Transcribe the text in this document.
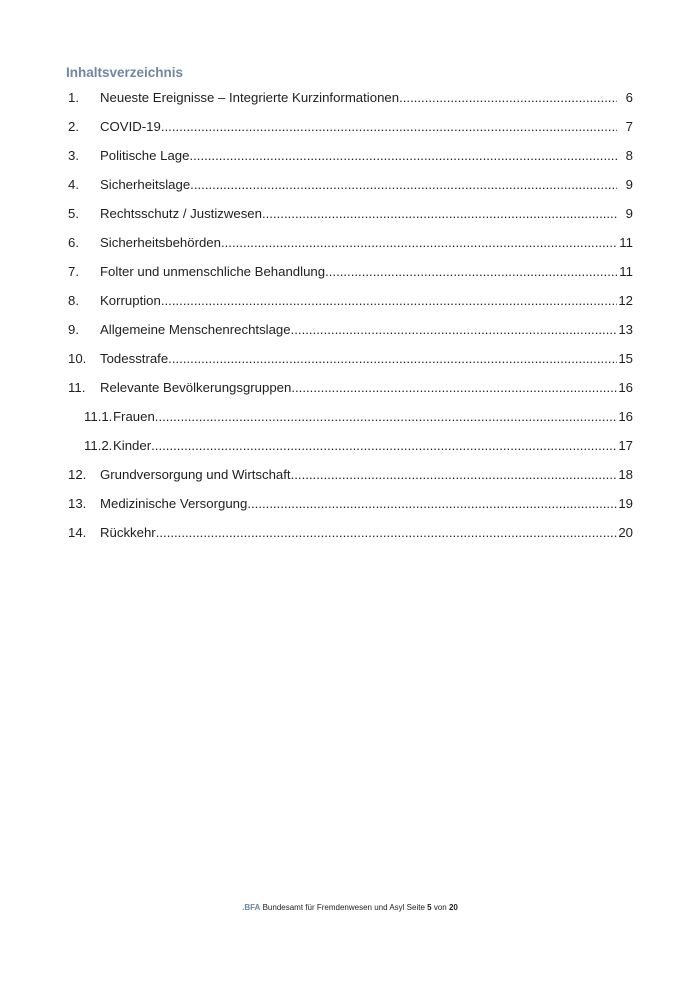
Inhaltsverzeichnis
1.	Neueste Ereignisse – Integrierte Kurzinformationen .....	6
2.	COVID-19 .....	7
3.	Politische Lage .....	8
4.	Sicherheitslage .....	9
5.	Rechtsschutz / Justizwesen .....	9
6.	Sicherheitsbehörden .....	11
7.	Folter und unmenschliche Behandlung .....	11
8.	Korruption .....	12
9.	Allgemeine Menschenrechtslage .....	13
10.	Todesstrafe .....	15
11.	Relevante Bevölkerungsgruppen .....	16
11.1. Frauen .....	16
11.2. Kinder .....	17
12.	Grundversorgung und Wirtschaft .....	18
13.	Medizinische Versorgung .....	19
14.	Rückkehr .....	20
.BFA Bundesamt für Fremdenwesen und Asyl Seite 5 von 20
